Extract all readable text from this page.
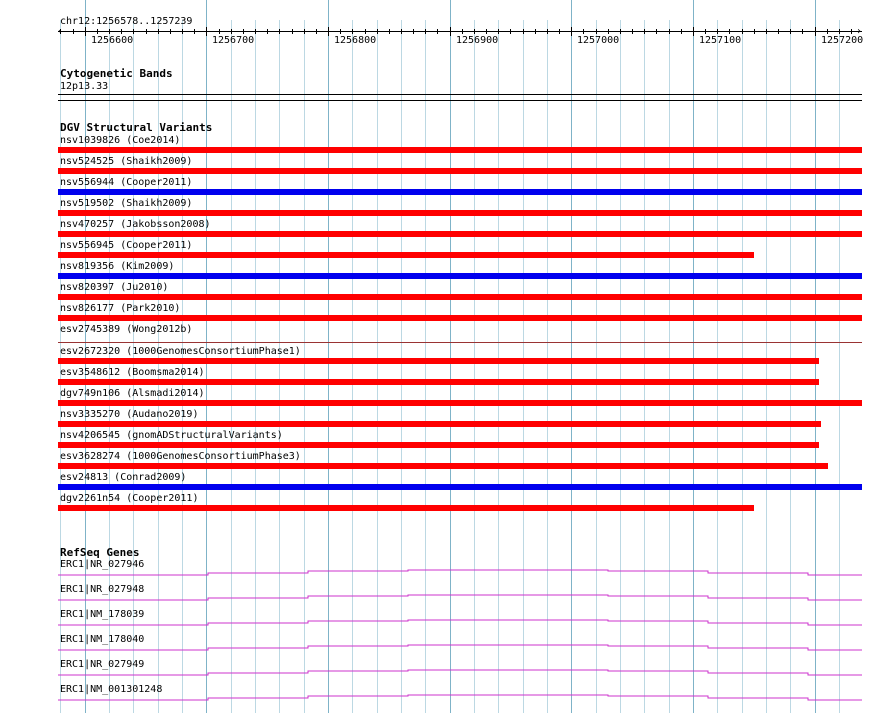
chr12:1256578..1257239
1256600	1256700	1256800	1256900	1257000	1257100	1257200
‹	›
Cytogenetic Bands
12p13.33
DGV Structural Variants
nsv1039826 (Coe2014)
nsv524525 (Shaikh2009)
nsv556944 (Cooper2011)
nsv519502 (Shaikh2009)
nsv470257 (Jakobsson2008)
nsv556945 (Cooper2011)
nsv819356 (Kim2009)
nsv820397 (Ju2010)
nsv826177 (Park2010)
esv2745389 (Wong2012b)
esv2672320 (1000GenomesConsortiumPhase1)
esv3548612 (Boomsma2014)
dgv749n106 (Alsmadi2014)
nsv3335270 (Audano2019)
nsv4206545 (gnomADStructuralVariants)
esv3628274 (1000GenomesConsortiumPhase3)
esv24813 (Conrad2009)
dgv2261n54 (Cooper2011)
RefSeq Genes
ERC1|NR_027946
ERC1|NR_027948
ERC1|NM_178039
ERC1|NM_178040
ERC1|NR_027949
ERC1|NM_001301248
